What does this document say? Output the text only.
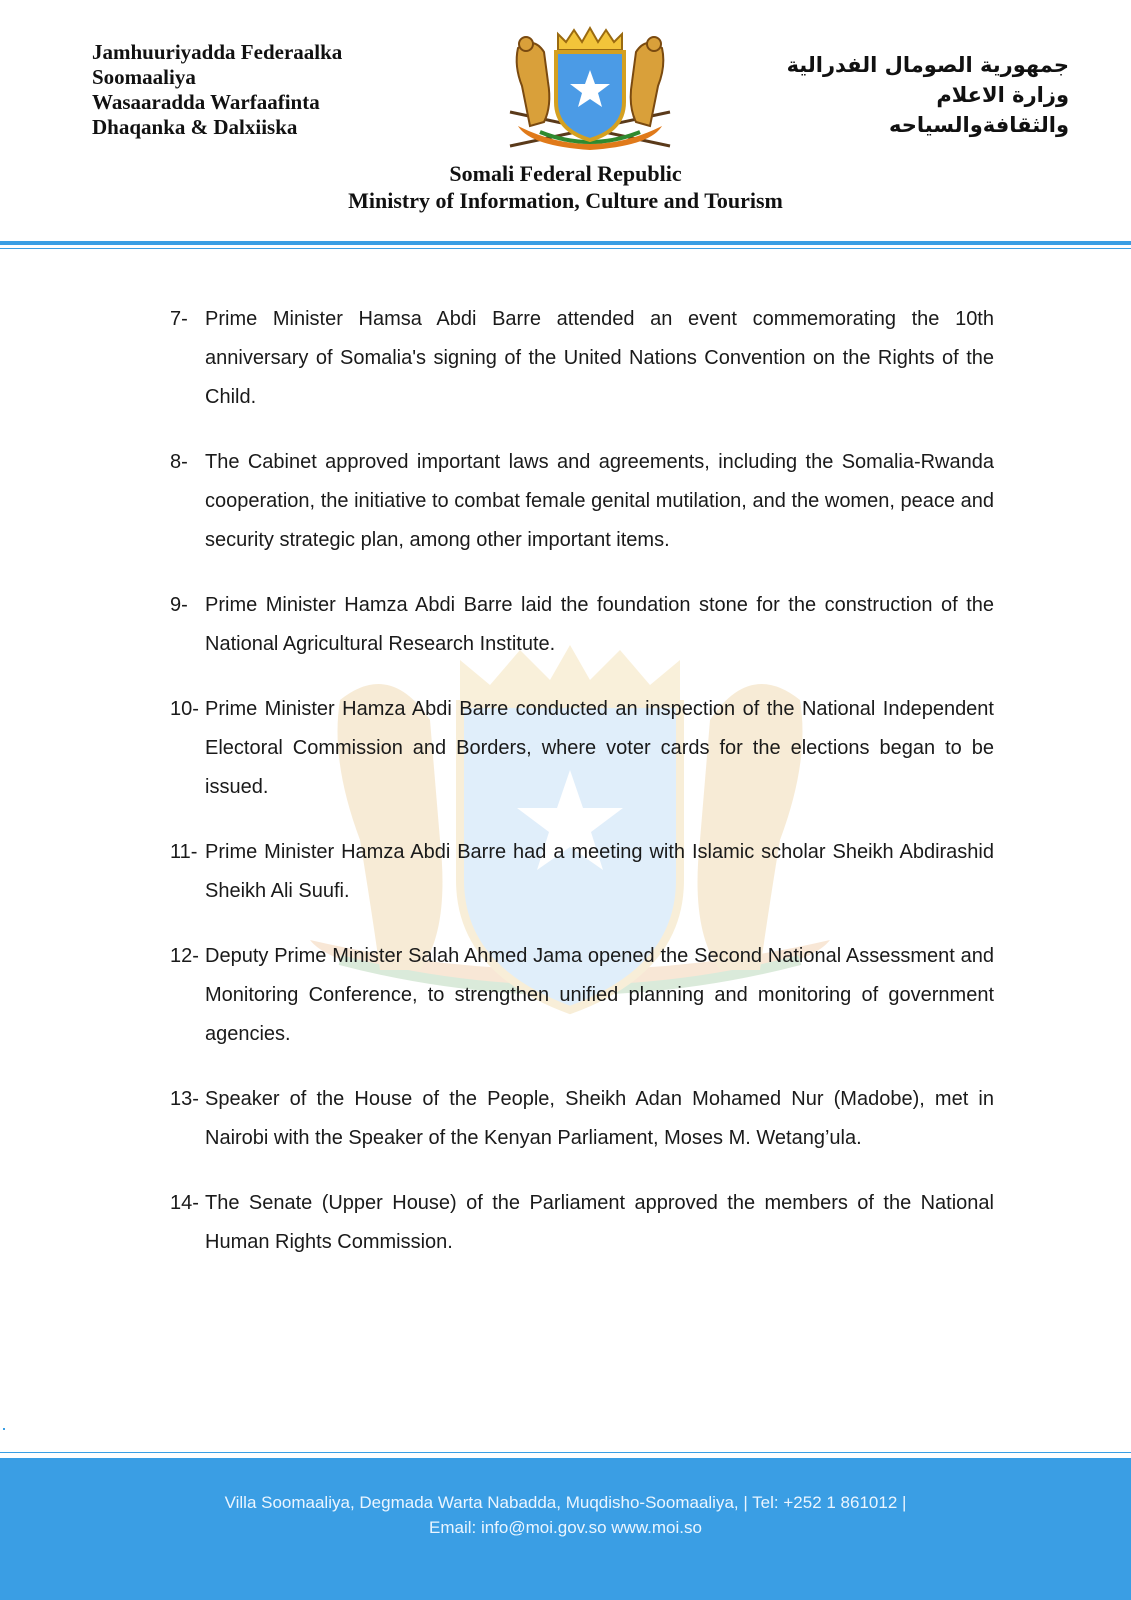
Jamhuuriyadda Federaalka
Soomaaliya
Wasaaradda Warfaafinta
Dhaqanka & Dalxiiska
جمهورية الصومال الفدرالية
وزارة الاعلام
والثقافةوالسياحه
Somali Federal Republic
Ministry of Information, Culture and Tourism
7- Prime Minister Hamsa Abdi Barre attended an event commemorating the 10th anniversary of Somalia's signing of the United Nations Convention on the Rights of the Child.
8- The Cabinet approved important laws and agreements, including the Somalia-Rwanda cooperation, the initiative to combat female genital mutilation, and the women, peace and security strategic plan, among other important items.
9- Prime Minister Hamza Abdi Barre laid the foundation stone for the construction of the National Agricultural Research Institute.
10- Prime Minister Hamza Abdi Barre conducted an inspection of the National Independent Electoral Commission and Borders, where voter cards for the elections began to be issued.
11- Prime Minister Hamza Abdi Barre had a meeting with Islamic scholar Sheikh Abdirashid Sheikh Ali Suufi.
12- Deputy Prime Minister Salah Ahmed Jama opened the Second National Assessment and Monitoring Conference, to strengthen unified planning and monitoring of government agencies.
13- Speaker of the House of the People, Sheikh Adan Mohamed Nur (Madobe), met in Nairobi with the Speaker of the Kenyan Parliament, Moses M. Wetang’ula.
14- The Senate (Upper House) of the Parliament approved the members of the National Human Rights Commission.
Villa Soomaaliya, Degmada Warta Nabadda, Muqdisho-Soomaaliya, | Tel: +252 1 861012 |
Email: info@moi.gov.so www.moi.so
